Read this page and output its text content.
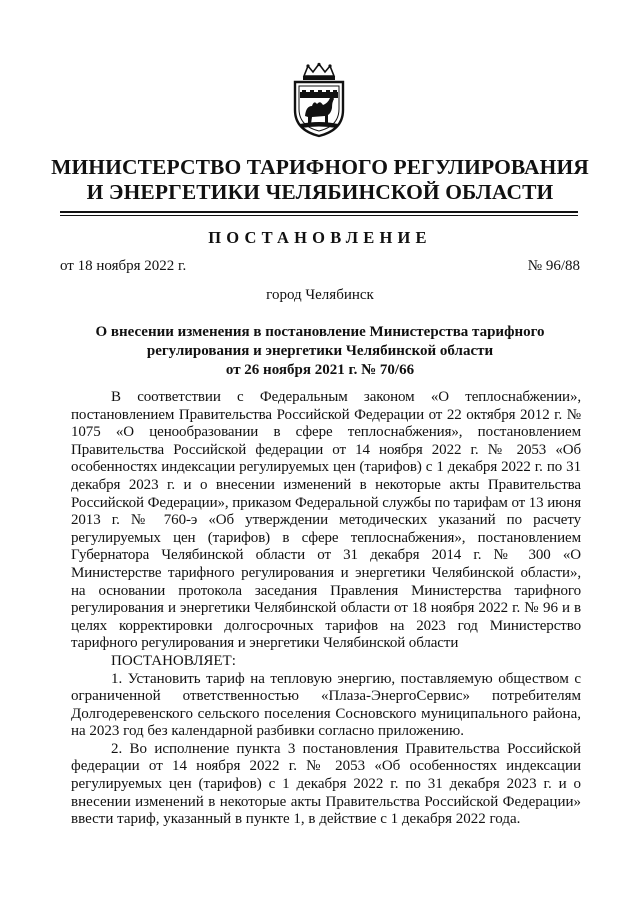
МИНИСТЕРСТВО ТАРИФНОГО РЕГУЛИРОВАНИЯ
И ЭНЕРГЕТИКИ ЧЕЛЯБИНСКОЙ ОБЛАСТИ
ПОСТАНОВЛЕНИЕ
от 18 ноября 2022 г.	№ 96/88
город Челябинск
О внесении изменения в постановление Министерства тарифного
регулирования и энергетики Челябинской области
от 26 ноября 2021 г. № 70/66

В соответствии с Федеральным законом «О теплоснабжении», постановлением Правительства Российской Федерации от 22 октября 2012 г. № 1075 «О ценообразовании в сфере теплоснабжения», постановлением Правительства Российской федерации от 14 ноября 2022 г. № 2053 «Об особенностях индексации регулируемых цен (тарифов) с 1 декабря 2022 г. по 31 декабря 2023 г. и о внесении изменений в некоторые акты Правительства Российской Федерации», приказом Федеральной службы по тарифам от 13 июня 2013 г. № 760-э «Об утверждении методических указаний по расчету регулируемых цен (тарифов) в сфере теплоснабжения», постановлением Губернатора Челябинской области от 31 декабря 2014 г. № 300 «О Министерстве тарифного регулирования и энергетики Челябинской области», на основании протокола заседания Правления Министерства тарифного регулирования и энергетики Челябинской области от 18 ноября 2022 г. № 96 и в целях корректировки долгосрочных тарифов на 2023 год Министерство тарифного регулирования и энергетики Челябинской области

ПОСТАНОВЛЯЕТ:

1. Установить тариф на тепловую энергию, поставляемую обществом с ограниченной ответственностью «Плаза-ЭнергоСервис» потребителям Долгодеревенского сельского поселения Сосновского муниципального района, на 2023 год без календарной разбивки согласно приложению.

2. Во исполнение пункта 3 постановления Правительства Российской федерации от 14 ноября 2022 г. № 2053 «Об особенностях индексации регулируемых цен (тарифов) с 1 декабря 2022 г. по 31 декабря 2023 г. и о внесении изменений в некоторые акты Правительства Российской Федерации» ввести тариф, указанный в пункте 1, в действие с 1 декабря 2022 года.
